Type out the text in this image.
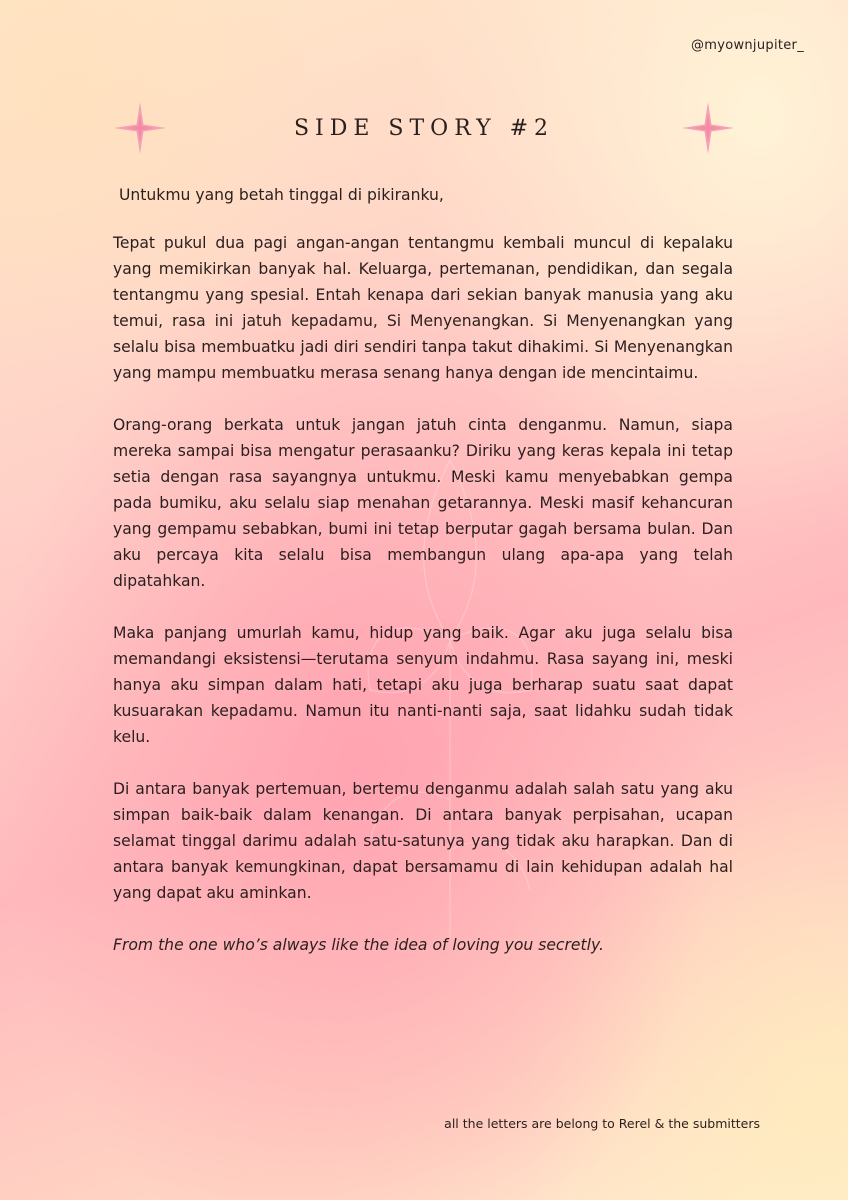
@myownjupiter_
SIDE STORY #2

Untukmu yang betah tinggal di pikiranku,

Tepat pukul dua pagi angan-angan tentangmu kembali muncul di kepalaku yang memikirkan banyak hal. Keluarga, pertemanan, pendidikan, dan segala tentangmu yang spesial. Entah kenapa dari sekian banyak manusia yang aku temui, rasa ini jatuh kepadamu, Si Menyenangkan. Si Menyenangkan yang selalu bisa membuatku jadi diri sendiri tanpa takut dihakimi. Si Menyenangkan yang mampu membuatku merasa senang hanya dengan ide mencintaimu.

Orang-orang berkata untuk jangan jatuh cinta denganmu. Namun, siapa mereka sampai bisa mengatur perasaanku? Diriku yang keras kepala ini tetap setia dengan rasa sayangnya untukmu. Meski kamu menyebabkan gempa pada bumiku, aku selalu siap menahan getarannya. Meski masif kehancuran yang gempamu sebabkan, bumi ini tetap berputar gagah bersama bulan. Dan aku percaya kita selalu bisa membangun ulang apa-apa yang telah dipatahkan.

Maka panjang umurlah kamu, hidup yang baik. Agar aku juga selalu bisa memandangi eksistensi—terutama senyum indahmu. Rasa sayang ini, meski hanya aku simpan dalam hati, tetapi aku juga berharap suatu saat dapat kusuarakan kepadamu. Namun itu nanti-nanti saja, saat lidahku sudah tidak kelu.

Di antara banyak pertemuan, bertemu denganmu adalah salah satu yang aku simpan baik-baik dalam kenangan. Di antara banyak perpisahan, ucapan selamat tinggal darimu adalah satu-satunya yang tidak aku harapkan. Dan di antara banyak kemungkinan, dapat bersamamu di lain kehidupan adalah hal yang dapat aku aminkan.

From the one who’s always like the idea of loving you secretly.

all the letters are belong to Rerel & the submitters
